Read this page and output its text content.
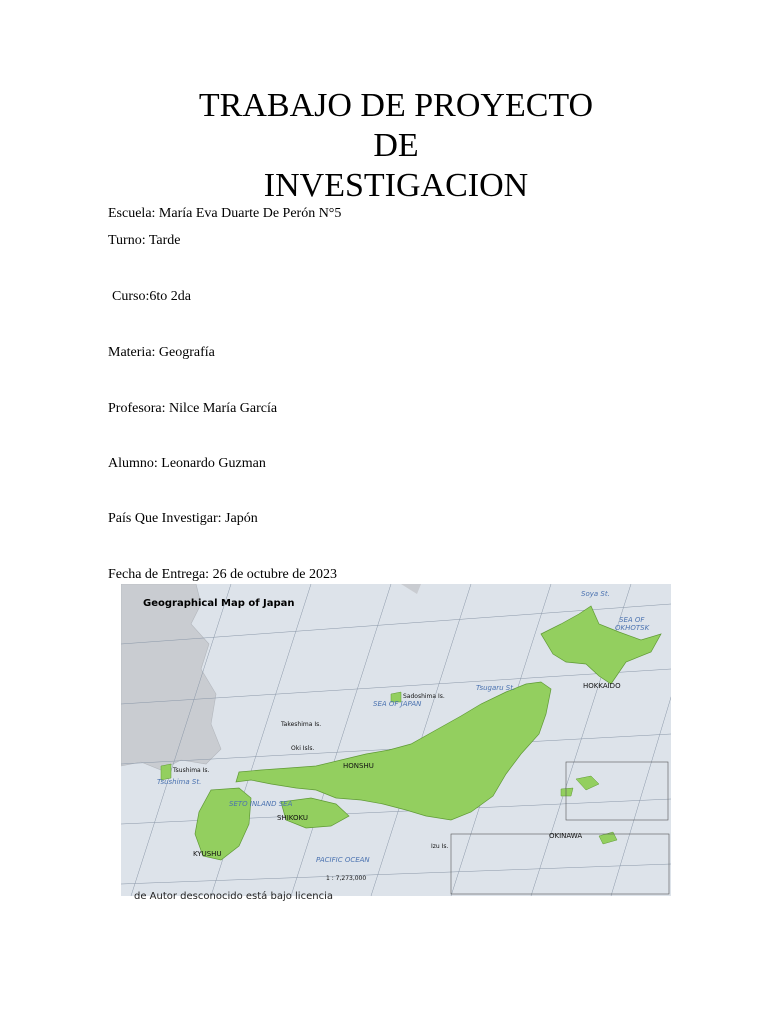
TRABAJO DE PROYECTO
DE
INVESTIGACION
Escuela: María Eva Duarte De Perón N°5
Turno: Tarde
Curso:6to 2da
Materia: Geografía
Profesora: Nilce María García
Alumno: Leonardo Guzman
País Que Investigar: Japón
Fecha de Entrega: 26 de octubre de 2023
Geographical Map of Japan
HOKKAIDO
HONSHU
SHIKOKU
KYUSHU
OKINAWA
SEA OF JAPAN
SEA OF
OKHOTSK
PACIFIC OCEAN
SETO INLAND SEA
Tsugaru St.
Soya St.
Tsushima St.
Takeshima Is.
Oki Isls.
Tsushima Is.
Sadoshima Is.
Izu Is.
1 : 7,273,000
de Autor desconocido está bajo licencia
